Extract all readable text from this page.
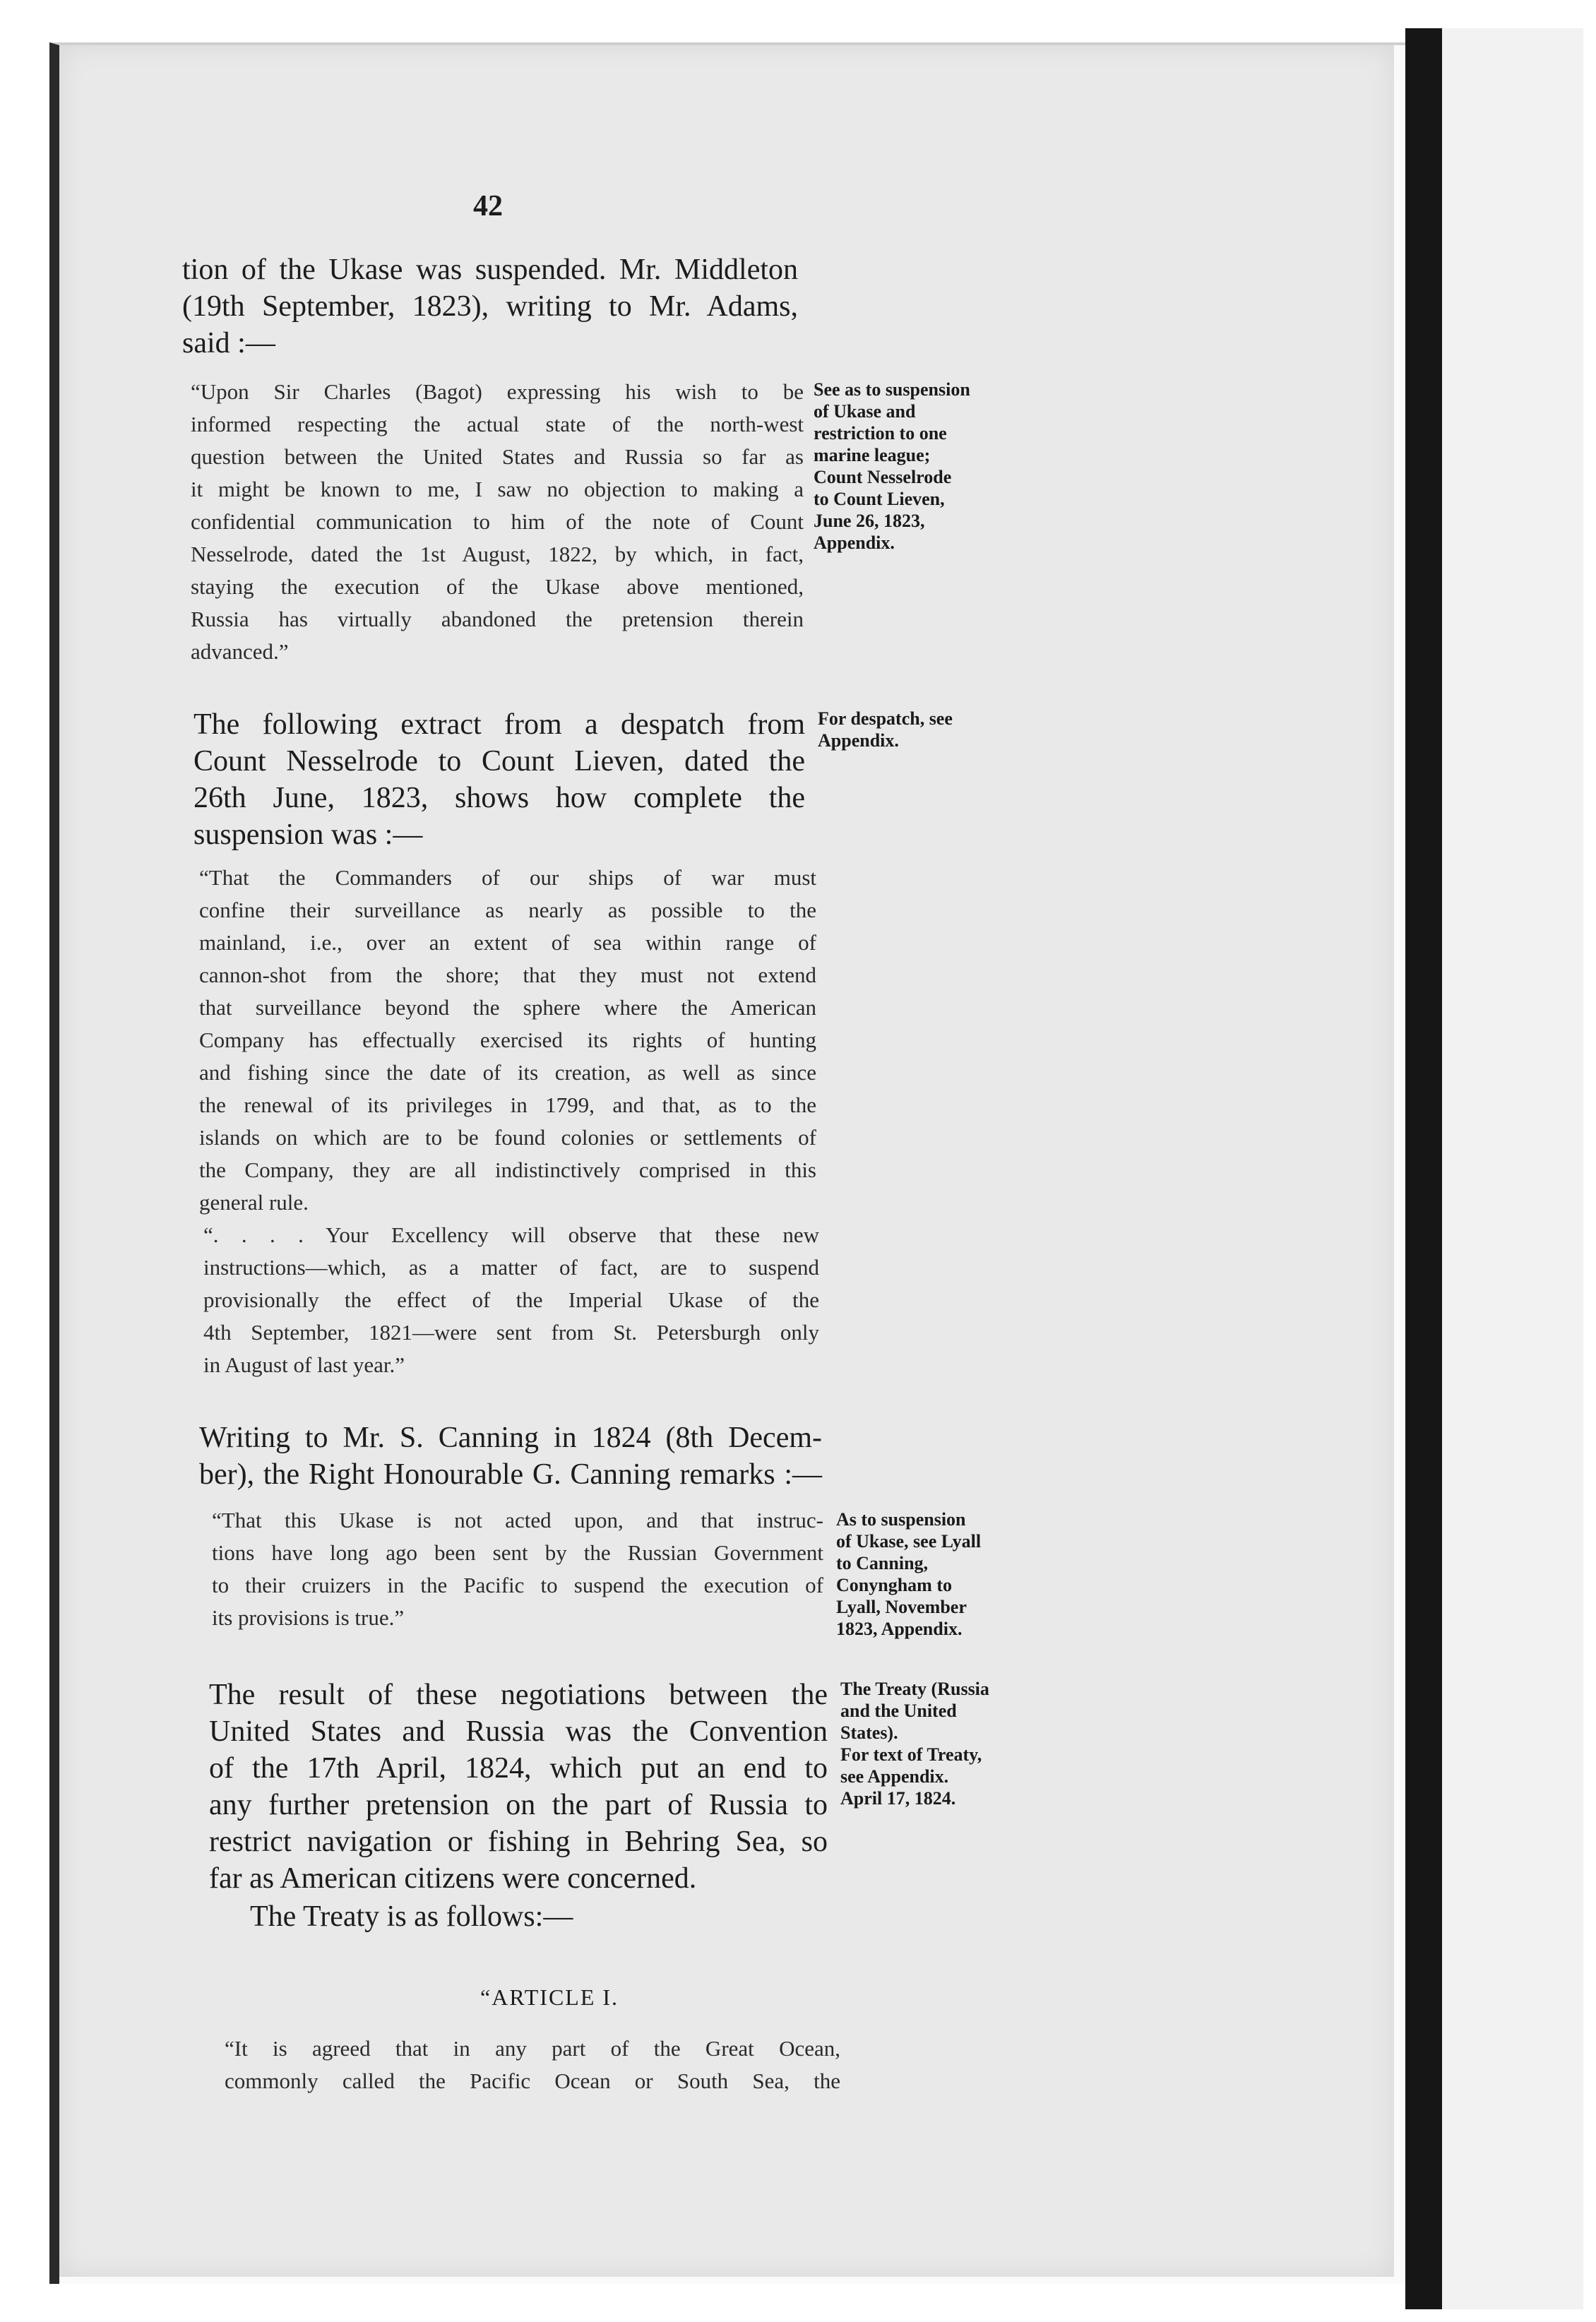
42

tion of the Ukase was suspended. Mr. Middleton
(19th September, 1823), writing to Mr. Adams,
said :—

“Upon Sir Charles (Bagot) expressing his wish to be
informed respecting the actual state of the north-west
question between the United States and Russia so far as
it might be known to me, I saw no objection to making a
confidential communication to him of the note of Count
Nesselrode, dated the 1st August, 1822, by which, in fact,
staying the execution of the Ukase above mentioned,
Russia has virtually abandoned the pretension therein
advanced.”

See as to suspension
of Ukase and
restriction to one
marine league;
Count Nesselrode
to Count Lieven,
June 26, 1823,
Appendix.

The following extract from a despatch from
Count Nesselrode to Count Lieven, dated the
26th June, 1823, shows how complete the
suspension was :—

For despatch, see
Appendix.

“That the Commanders of our ships of war must
confine their surveillance as nearly as possible to the
mainland, i.e., over an extent of sea within range of
cannon-shot from the shore; that they must not extend
that surveillance beyond the sphere where the American
Company has effectually exercised its rights of hunting
and fishing since the date of its creation, as well as since
the renewal of its privileges in 1799, and that, as to the
islands on which are to be found colonies or settlements of
the Company, they are all indistinctively comprised in this
general rule.

“. . . . Your Excellency will observe that these new
instructions—which, as a matter of fact, are to suspend
provisionally the effect of the Imperial Ukase of the
4th September, 1821—were sent from St. Petersburgh only
in August of last year.”

Writing to Mr. S. Canning in 1824 (8th Decem-
ber), the Right Honourable G. Canning remarks :—

“That this Ukase is not acted upon, and that instruc-
tions have long ago been sent by the Russian Government
to their cruizers in the Pacific to suspend the execution of
its provisions is true.”

As to suspension
of Ukase, see Lyall
to Canning,
Conyngham to
Lyall, November
1823, Appendix.

The result of these negotiations between the
United States and Russia was the Convention
of the 17th April, 1824, which put an end to
any further pretension on the part of Russia to
restrict navigation or fishing in Behring Sea, so
far as American citizens were concerned.

The Treaty (Russia
and the United
States).
For text of Treaty,
see Appendix.
April 17, 1824.

The Treaty is as follows:—

“ARTICLE I.

“It is agreed that in any part of the Great Ocean,
commonly called the Pacific Ocean or South Sea, the
